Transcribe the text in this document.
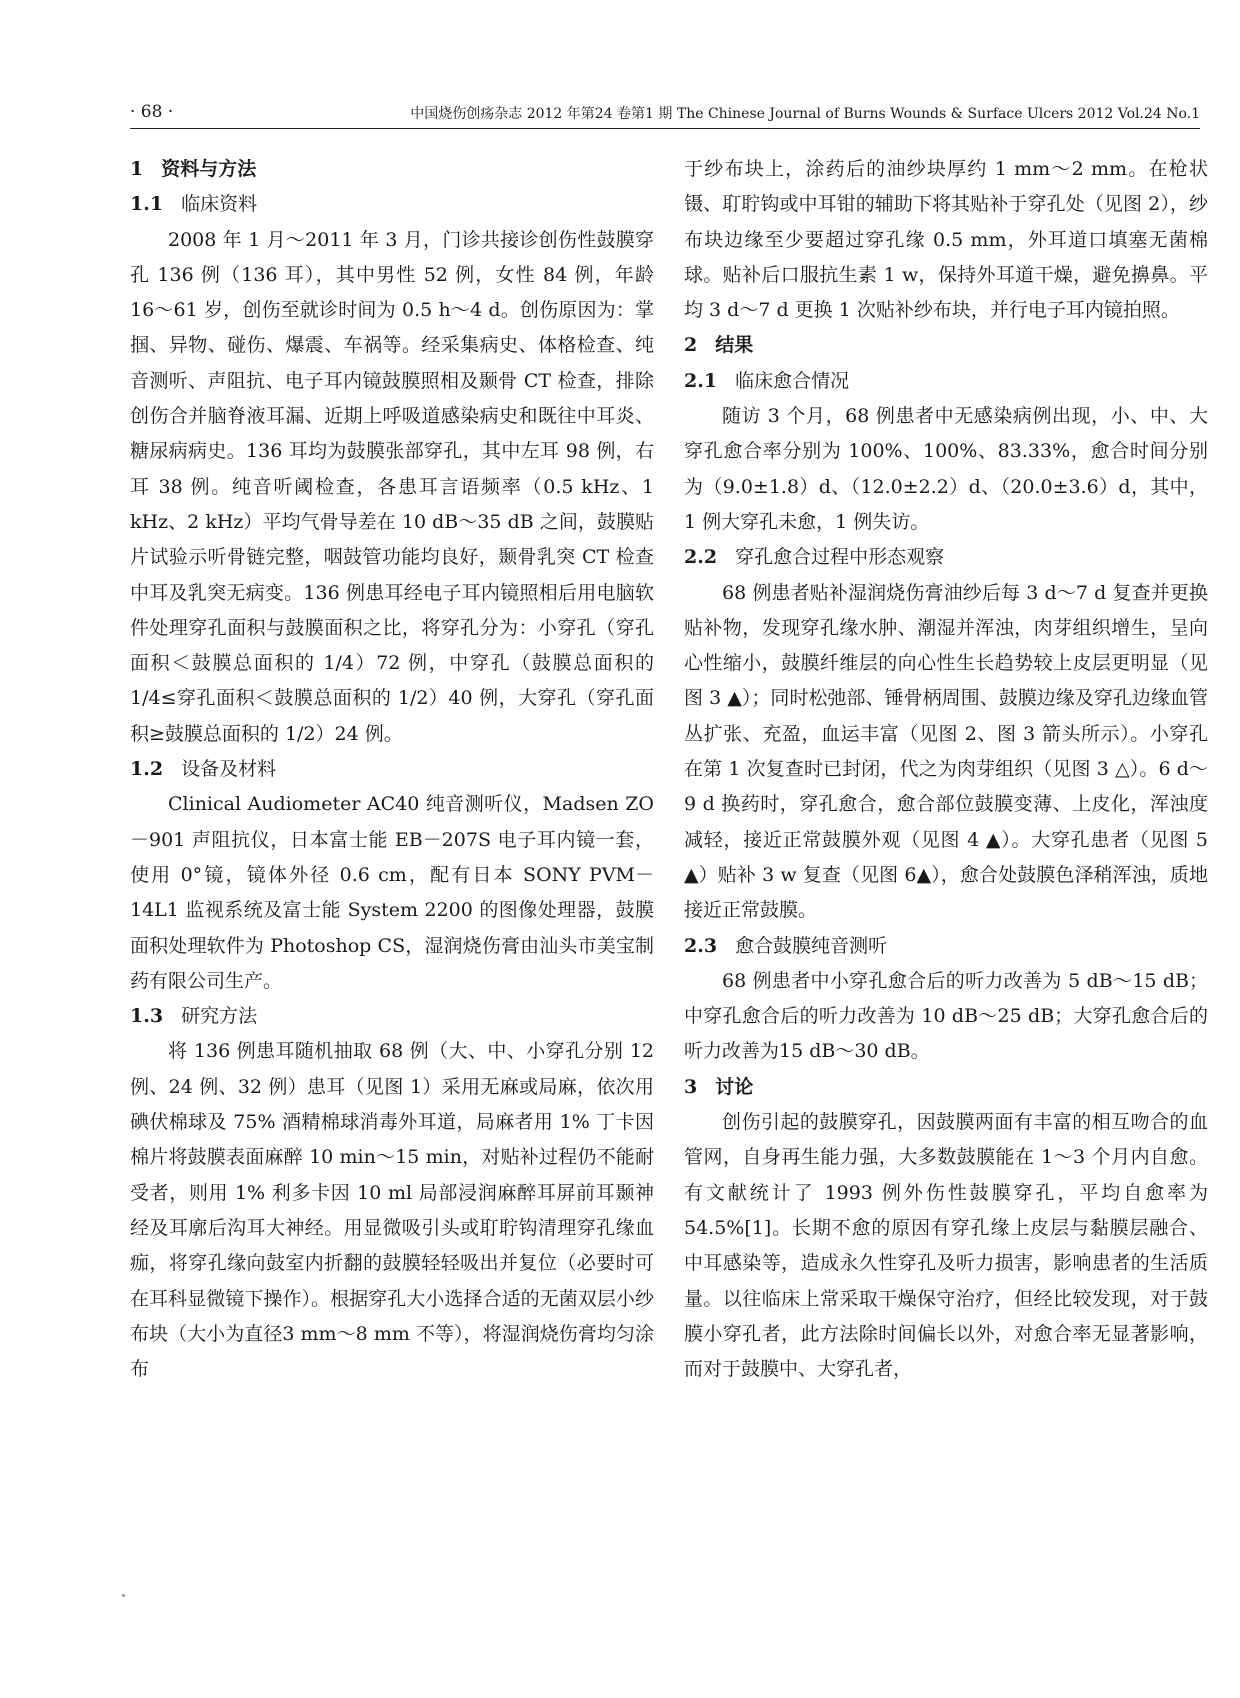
· 68 ·	中国烧伤创疡杂志 2012 年第24 卷第1 期 The Chinese Journal of Burns Wounds & Surface Ulcers 2012 Vol.24 No.1
1 资料与方法
1.1 临床资料

2008 年 1 月～2011 年 3 月，门诊共接诊创伤性鼓膜穿孔 136 例（136 耳），其中男性 52 例，女性 84 例，年龄 16～61 岁，创伤至就诊时间为 0.5 h～4 d。创伤原因为：掌掴、异物、碰伤、爆震、车祸等。经采集病史、体格检查、纯音测听、声阻抗、电子耳内镜鼓膜照相及颞骨 CT 检查，排除创伤合并脑脊液耳漏、近期上呼吸道感染病史和既往中耳炎、糖尿病病史。136 耳均为鼓膜张部穿孔，其中左耳 98 例，右耳 38 例。纯音听阈检查，各患耳言语频率（0.5 kHz、1 kHz、2 kHz）平均气骨导差在 10 dB～35 dB 之间，鼓膜贴片试验示听骨链完整，咽鼓管功能均良好，颞骨乳突 CT 检查中耳及乳突无病变。136 例患耳经电子耳内镜照相后用电脑软件处理穿孔面积与鼓膜面积之比，将穿孔分为：小穿孔（穿孔面积＜鼓膜总面积的 1/4）72 例，中穿孔（鼓膜总面积的 1/4≤穿孔面积＜鼓膜总面积的 1/2）40 例，大穿孔（穿孔面积≥鼓膜总面积的 1/2）24 例。

1.2 设备及材料

Clinical Audiometer AC40 纯音测听仪，Madsen ZO－901 声阻抗仪，日本富士能 EB－207S 电子耳内镜一套，使用 0°镜，镜体外径 0.6 cm，配有日本 SONY PVM－14L1 监视系统及富士能 System 2200 的图像处理器，鼓膜面积处理软件为 Photoshop CS，湿润烧伤膏由汕头市美宝制药有限公司生产。

1.3 研究方法

将 136 例患耳随机抽取 68 例（大、中、小穿孔分别 12 例、24 例、32 例）患耳（见图 1）采用无麻或局麻，依次用碘伏棉球及 75% 酒精棉球消毒外耳道，局麻者用 1% 丁卡因棉片将鼓膜表面麻醉 10 min～15 min，对贴补过程仍不能耐受者，则用 1% 利多卡因 10 ml 局部浸润麻醉耳屏前耳颞神经及耳廓后沟耳大神经。用显微吸引头或耵聍钩清理穿孔缘血痂，将穿孔缘向鼓室内折翻的鼓膜轻轻吸出并复位（必要时可在耳科显微镜下操作）。根据穿孔大小选择合适的无菌双层小纱布块（大小为直径3 mm～8 mm 不等），将湿润烧伤膏均匀涂布

于纱布块上，涂药后的油纱块厚约 1 mm～2 mm。在枪状镊、耵聍钩或中耳钳的辅助下将其贴补于穿孔处（见图 2），纱布块边缘至少要超过穿孔缘 0.5 mm，外耳道口填塞无菌棉球。贴补后口服抗生素 1 w，保持外耳道干燥，避免擤鼻。平均 3 d～7 d 更换 1 次贴补纱布块，并行电子耳内镜拍照。

2 结果
2.1 临床愈合情况

随访 3 个月，68 例患者中无感染病例出现，小、中、大穿孔愈合率分别为 100%、100%、83.33%，愈合时间分别为（9.0±1.8）d、（12.0±2.2）d、（20.0±3.6）d，其中，1 例大穿孔未愈，1 例失访。

2.2 穿孔愈合过程中形态观察

68 例患者贴补湿润烧伤膏油纱后每 3 d～7 d 复查并更换贴补物，发现穿孔缘水肿、潮湿并浑浊，肉芽组织增生，呈向心性缩小，鼓膜纤维层的向心性生长趋势较上皮层更明显（见图 3 ▲）；同时松弛部、锤骨柄周围、鼓膜边缘及穿孔边缘血管丛扩张、充盈，血运丰富（见图 2、图 3 箭头所示）。小穿孔在第 1 次复查时已封闭，代之为肉芽组织（见图 3 △）。6 d～9 d 换药时，穿孔愈合，愈合部位鼓膜变薄、上皮化，浑浊度减轻，接近正常鼓膜外观（见图 4 ▲）。大穿孔患者（见图 5 ▲）贴补 3 w 复查（见图 6▲），愈合处鼓膜色泽稍浑浊，质地接近正常鼓膜。

2.3 愈合鼓膜纯音测听

68 例患者中小穿孔愈合后的听力改善为 5 dB～15 dB；中穿孔愈合后的听力改善为 10 dB～25 dB；大穿孔愈合后的听力改善为15 dB～30 dB。

3 讨论

创伤引起的鼓膜穿孔，因鼓膜两面有丰富的相互吻合的血管网，自身再生能力强，大多数鼓膜能在 1～3 个月内自愈。有文献统计了 1993 例外伤性鼓膜穿孔，平均自愈率为 54.5%[1]。长期不愈的原因有穿孔缘上皮层与黏膜层融合、中耳感染等，造成永久性穿孔及听力损害，影响患者的生活质量。以往临床上常采取干燥保守治疗，但经比较发现，对于鼓膜小穿孔者，此方法除时间偏长以外，对愈合率无显著影响，而对于鼓膜中、大穿孔者，
